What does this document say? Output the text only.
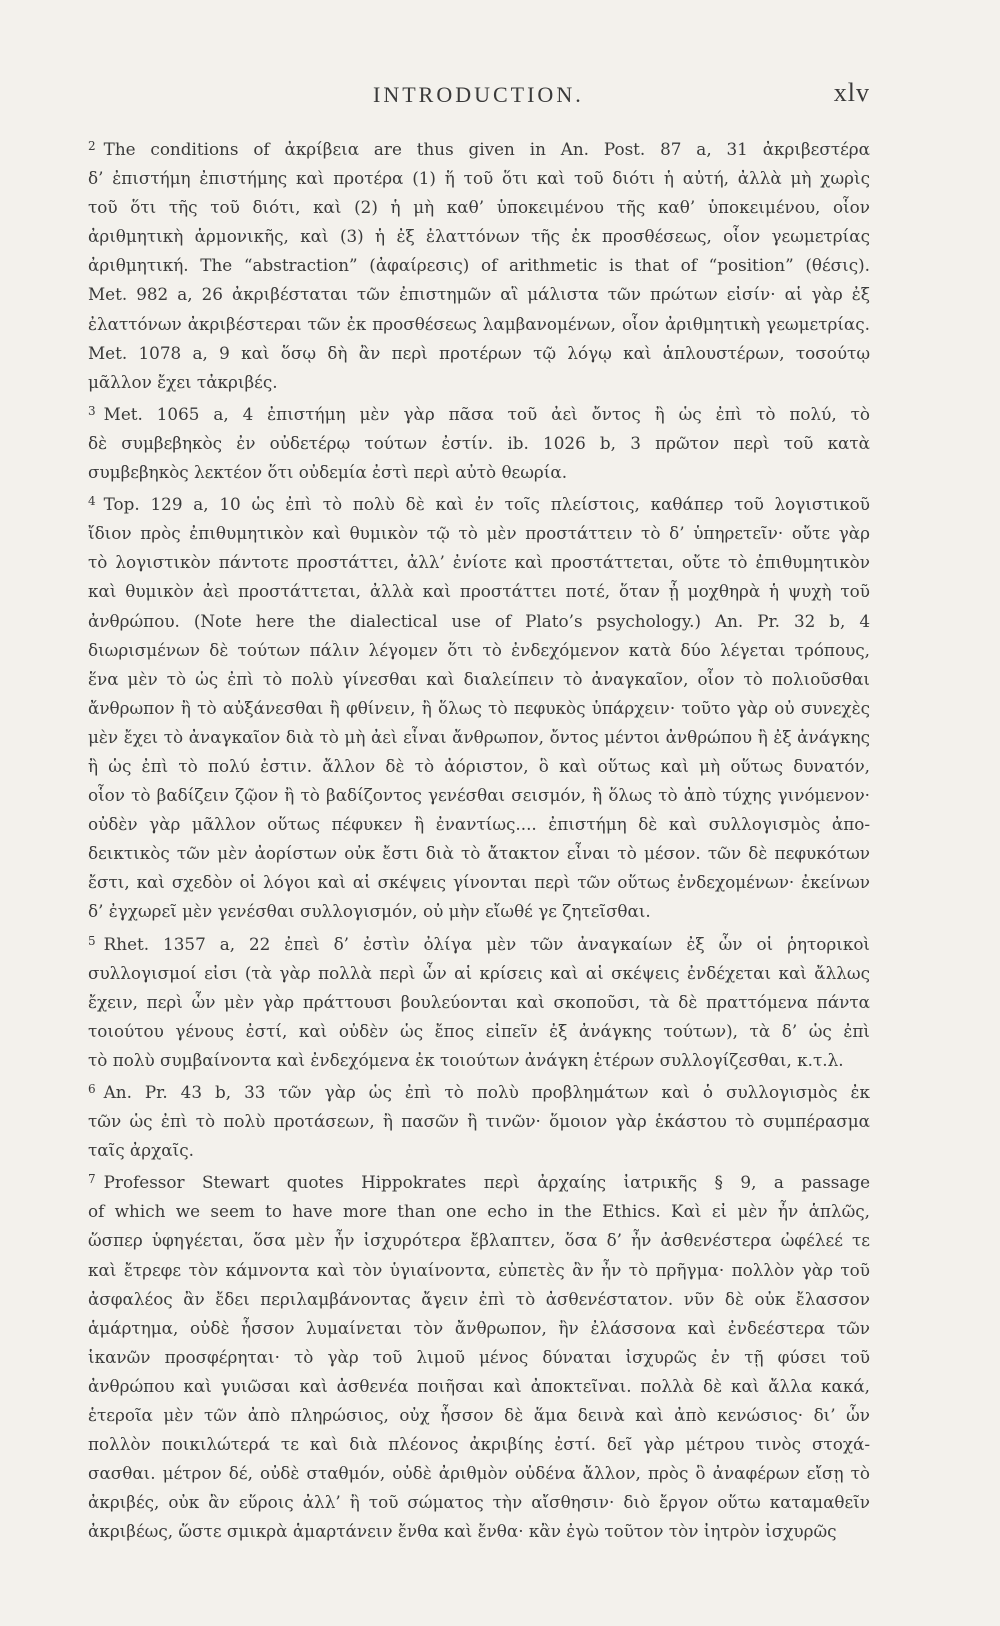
INTRODUCTION.	xlv
$^2$ The conditions of ἀκρίβεια are thus given in An. Post. 87 a, 31 ἀκριβεστέρα
δ’ ἐπιστήμη ἐπιστήμης καὶ προτέρα (1) ἥ τοῦ ὅτι καὶ τοῦ διότι ἡ αὐτή, ἀλλὰ μὴ χωρὶς
τοῦ ὅτι τῆς τοῦ διότι, καὶ (2) ἡ μὴ καθ’ ὑποκειμένου τῆς καθ’ ὑποκειμένου, οἷον
ἀριθμητικὴ ἁρμονικῆς, καὶ (3) ἡ ἐξ ἐλαττόνων τῆς ἐκ προσθέσεως, οἷον γεωμετρίας
ἀριθμητική. The “abstraction” (ἀφαίρεσις) of arithmetic is that of “position” (θέσις).
Met. 982 a, 26 ἀκριβέσταται τῶν ἐπιστημῶν αἳ μάλιστα τῶν πρώτων εἰσίν· αἱ γὰρ ἐξ
ἐλαττόνων ἀκριβέστεραι τῶν ἐκ προσθέσεως λαμβανομένων, οἷον ἀριθμητικὴ γεωμετρίας.
Met. 1078 a, 9 καὶ ὅσῳ δὴ ἂν περὶ προτέρων τῷ λόγῳ καὶ ἁπλουστέρων, τοσούτῳ
μᾶλλον ἔχει τἀκριβές.
$^3$ Met. 1065 a, 4 ἐπιστήμη μὲν γὰρ πᾶσα τοῦ ἀεὶ ὄντος ἢ ὡς ἐπὶ τὸ πολύ, τὸ
δὲ συμβεβηκὸς ἐν οὐδετέρῳ τούτων ἐστίν. ib. 1026 b, 3 πρῶτον περὶ τοῦ κατὰ
συμβεβηκὸς λεκτέον ὅτι οὐδεμία ἐστὶ περὶ αὐτὸ θεωρία.
$^4$ Top. 129 a, 10 ὡς ἐπὶ τὸ πολὺ δὲ καὶ ἐν τοῖς πλείστοις, καθάπερ τοῦ λογιστικοῦ
ἴδιον πρὸς ἐπιθυμητικὸν καὶ θυμικὸν τῷ τὸ μὲν προστάττειν τὸ δ’ ὑπηρετεῖν· οὔτε γὰρ
τὸ λογιστικὸν πάντοτε προστάττει, ἀλλ’ ἐνίοτε καὶ προστάττεται, οὔτε τὸ ἐπιθυμητικὸν
καὶ θυμικὸν ἀεὶ προστάττεται, ἀλλὰ καὶ προστάττει ποτέ, ὅταν ᾖ μοχθηρὰ ἡ ψυχὴ τοῦ
ἀνθρώπου. (Note here the dialectical use of Plato’s psychology.) An. Pr. 32 b, 4
διωρισμένων δὲ τούτων πάλιν λέγομεν ὅτι τὸ ἐνδεχόμενον κατὰ δύο λέγεται τρόπους,
ἕνα μὲν τὸ ὡς ἐπὶ τὸ πολὺ γίνεσθαι καὶ διαλείπειν τὸ ἀναγκαῖον, οἷον τὸ πολιοῦσθαι
ἄνθρωπον ἢ τὸ αὐξάνεσθαι ἢ φθίνειν, ἢ ὅλως τὸ πεφυκὸς ὑπάρχειν· τοῦτο γὰρ οὐ συνεχὲς
μὲν ἔχει τὸ ἀναγκαῖον διὰ τὸ μὴ ἀεὶ εἶναι ἄνθρωπον, ὄντος μέντοι ἀνθρώπου ἢ ἐξ ἀνάγκης
ἢ ὡς ἐπὶ τὸ πολύ ἐστιν. ἄλλον δὲ τὸ ἀόριστον, ὃ καὶ οὕτως καὶ μὴ οὕτως δυνατόν,
οἷον τὸ βαδίζειν ζῷον ἢ τὸ βαδίζοντος γενέσθαι σεισμόν, ἢ ὅλως τὸ ἀπὸ τύχης γινόμενον·
οὐδὲν γὰρ μᾶλλον οὕτως πέφυκεν ἢ ἐναντίως.... ἐπιστήμη δὲ καὶ συλλογισμὸς ἀπο-
δεικτικὸς τῶν μὲν ἀορίστων οὐκ ἔστι διὰ τὸ ἄτακτον εἶναι τὸ μέσον. τῶν δὲ πεφυκότων
ἔστι, καὶ σχεδὸν οἱ λόγοι καὶ αἱ σκέψεις γίνονται περὶ τῶν οὕτως ἐνδεχομένων· ἐκείνων
δ’ ἐγχωρεῖ μὲν γενέσθαι συλλογισμόν, οὐ μὴν εἴωθέ γε ζητεῖσθαι.
$^5$ Rhet. 1357 a, 22 ἐπεὶ δ’ ἐστὶν ὀλίγα μὲν τῶν ἀναγκαίων ἐξ ὧν οἱ ῥητορικοὶ
συλλογισμοί εἰσι (τὰ γὰρ πολλὰ περὶ ὧν αἱ κρίσεις καὶ αἱ σκέψεις ἐνδέχεται καὶ ἄλλως
ἔχειν, περὶ ὧν μὲν γὰρ πράττουσι βουλεύονται καὶ σκοποῦσι, τὰ δὲ πραττόμενα πάντα
τοιούτου γένους ἐστί, καὶ οὐδὲν ὡς ἔπος εἰπεῖν ἐξ ἀνάγκης τούτων), τὰ δ’ ὡς ἐπὶ
τὸ πολὺ συμβαίνοντα καὶ ἐνδεχόμενα ἐκ τοιούτων ἀνάγκη ἑτέρων συλλογίζεσθαι, κ.τ.λ.
$^6$ An. Pr. 43 b, 33 τῶν γὰρ ὡς ἐπὶ τὸ πολὺ προβλημάτων καὶ ὁ συλλογισμὸς ἐκ
τῶν ὡς ἐπὶ τὸ πολὺ προτάσεων, ἢ πασῶν ἢ τινῶν· ὅμοιον γὰρ ἑκάστου τὸ συμπέρασμα
ταῖς ἀρχαῖς.
$^7$ Professor Stewart quotes Hippokrates περὶ ἀρχαίης ἰατρικῆς § 9, a passage
of which we seem to have more than one echo in the Ethics. Καὶ εἰ μὲν ἦν ἁπλῶς,
ὥσπερ ὑφηγέεται, ὅσα μὲν ἦν ἰσχυρότερα ἔβλαπτεν, ὅσα δ’ ἦν ἀσθενέστερα ὠφέλεέ τε
καὶ ἔτρεφε τὸν κάμνοντα καὶ τὸν ὑγιαίνοντα, εὐπετὲς ἂν ἦν τὸ πρῆγμα· πολλὸν γὰρ τοῦ
ἀσφαλέος ἂν ἔδει περιλαμβάνοντας ἄγειν ἐπὶ τὸ ἀσθενέστατον. νῦν δὲ οὐκ ἔλασσον
ἁμάρτημα, οὐδὲ ἧσσον λυμαίνεται τὸν ἄνθρωπον, ἢν ἐλάσσονα καὶ ἐνδεέστερα τῶν
ἱκανῶν προσφέρηται· τὸ γὰρ τοῦ λιμοῦ μένος δύναται ἰσχυρῶς ἐν τῇ φύσει τοῦ
ἀνθρώπου καὶ γυιῶσαι καὶ ἀσθενέα ποιῆσαι καὶ ἀποκτεῖναι. πολλὰ δὲ καὶ ἄλλα κακά,
ἑτεροῖα μὲν τῶν ἀπὸ πληρώσιος, οὐχ ἧσσον δὲ ἅμα δεινὰ καὶ ἀπὸ κενώσιος· δι’ ὧν
πολλὸν ποικιλώτερά τε καὶ διὰ πλέονος ἀκριβίης ἐστί. δεῖ γὰρ μέτρου τινὸς στοχά-
σασθαι. μέτρον δέ, οὐδὲ σταθμόν, οὐδὲ ἀριθμὸν οὐδένα ἄλλον, πρὸς ὃ ἀναφέρων εἴσῃ τὸ
ἀκριβές, οὐκ ἂν εὕροις ἀλλ’ ἢ τοῦ σώματος τὴν αἴσθησιν· διὸ ἔργον οὕτω καταμαθεῖν
ἀκριβέως, ὥστε σμικρὰ ἁμαρτάνειν ἔνθα καὶ ἔνθα· κἂν ἐγὼ τοῦτον τὸν ἰητρὸν ἰσχυρῶς
